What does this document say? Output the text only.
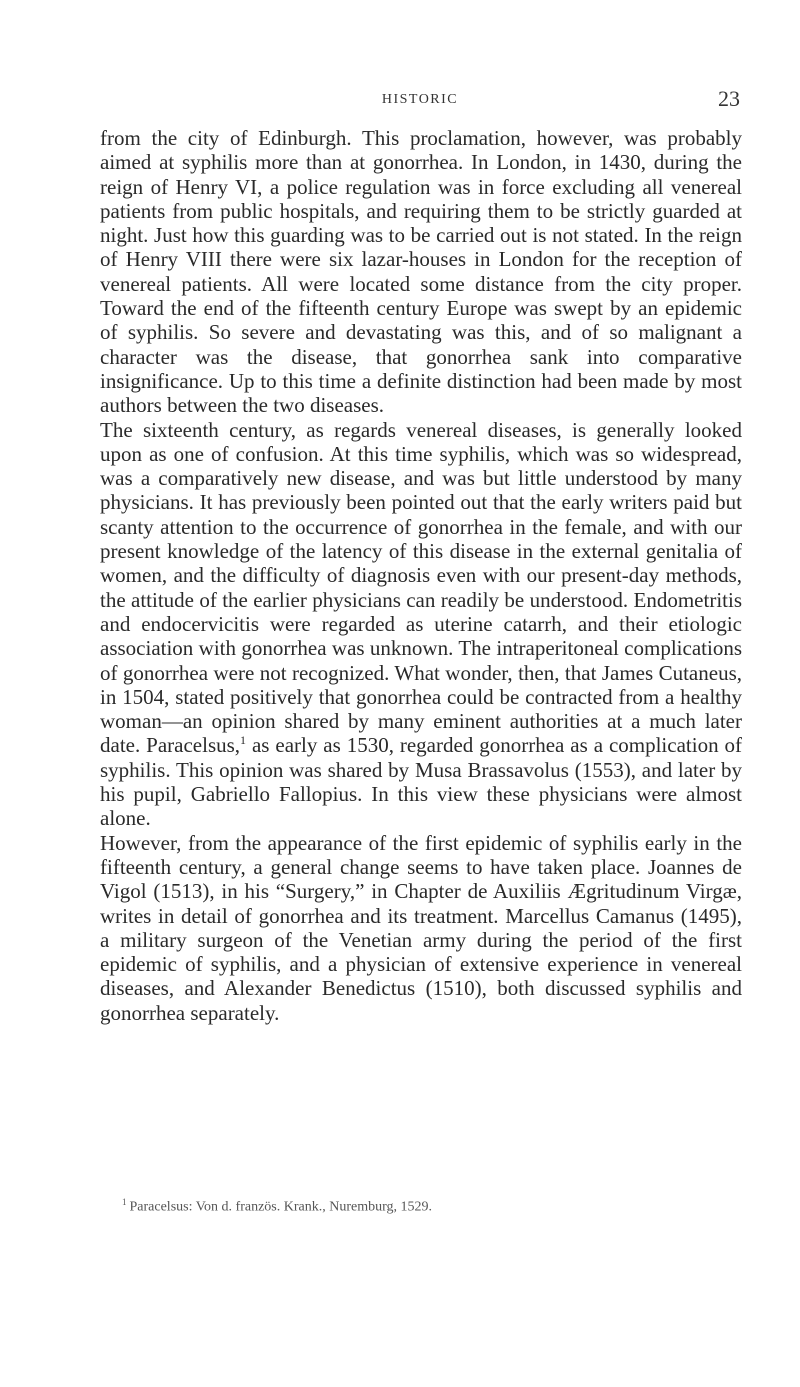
HISTORIC	23

from the city of Edinburgh. This proclamation, however, was probably aimed at syphilis more than at gonorrhea. In London, in 1430, during the reign of Henry VI, a police regulation was in force excluding all venereal patients from public hospitals, and requiring them to be strictly guarded at night. Just how this guarding was to be carried out is not stated. In the reign of Henry VIII there were six lazar-houses in London for the reception of venereal patients. All were located some distance from the city proper. Toward the end of the fifteenth century Europe was swept by an epidemic of syphilis. So severe and devastating was this, and of so malignant a character was the disease, that gonorrhea sank into comparative insignificance. Up to this time a definite distinction had been made by most authors between the two diseases.

The sixteenth century, as regards venereal diseases, is generally looked upon as one of confusion. At this time syphilis, which was so widespread, was a comparatively new disease, and was but little understood by many physicians. It has previously been pointed out that the early writers paid but scanty attention to the occurrence of gonorrhea in the female, and with our present knowledge of the latency of this disease in the external genitalia of women, and the difficulty of diagnosis even with our present-day methods, the attitude of the earlier physicians can readily be understood. Endometritis and endocervicitis were regarded as uterine catarrh, and their etiologic association with gonorrhea was unknown. The intraperitoneal complications of gonorrhea were not recognized. What wonder, then, that James Cutaneus, in 1504, stated positively that gonorrhea could be contracted from a healthy woman—an opinion shared by many eminent authorities at a much later date. Paracelsus,$^1$ as early as 1530, regarded gonorrhea as a complication of syphilis. This opinion was shared by Musa Brassavolus (1553), and later by his pupil, Gabriello Fallopius. In this view these physicians were almost alone.

However, from the appearance of the first epidemic of syphilis early in the fifteenth century, a general change seems to have taken place. Joannes de Vigol (1513), in his “Surgery,” in Chapter de Auxiliis Ægritudinum Virgæ, writes in detail of gonorrhea and its treatment. Marcellus Camanus (1495), a military surgeon of the Venetian army during the period of the first epidemic of syphilis, and a physician of extensive experience in venereal diseases, and Alexander Benedictus (1510), both discussed syphilis and gonorrhea separately.

$^1$ Paracelsus: Von d. französ. Krank., Nuremburg, 1529.
